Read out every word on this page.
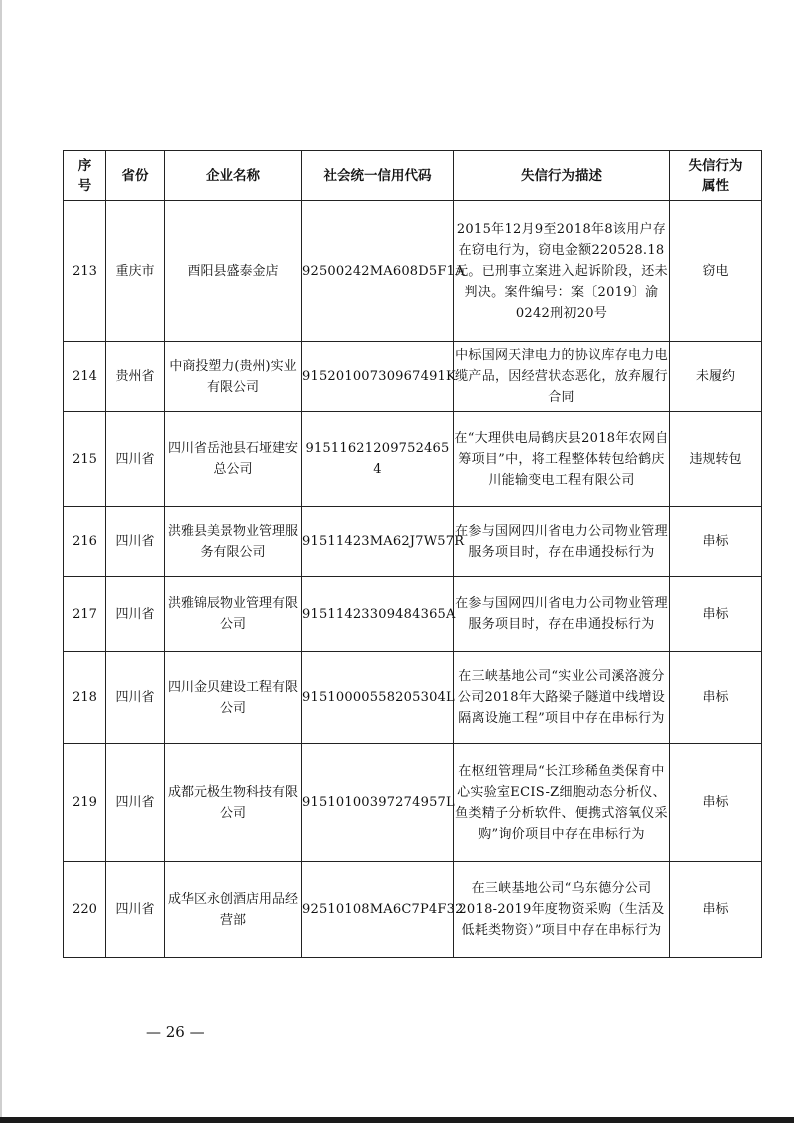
序号	省份	企业名称	社会统一信用代码	失信行为描述	失信行为属性
213	重庆市	酉阳县盛泰金店	92500242MA608D5F1A	2015年12月9至2018年8该用户存在窃电行为，窃电金额220528.18元。已刑事立案进入起诉阶段，还未判决。案件编号：案〔2019〕渝0242刑初20号	窃电
214	贵州省	中商投塑力(贵州)实业有限公司	91520100730967491K	中标国网天津电力的协议库存电力电缆产品，因经营状态恶化，放弃履行合同	未履约
215	四川省	四川省岳池县石垭建安总公司	91511621209752465 4	在“大理供电局鹤庆县2018年农网自筹项目”中，将工程整体转包给鹤庆川能输变电工程有限公司	违规转包
216	四川省	洪雅县美景物业管理服务有限公司	91511423MA62J7W57R	在参与国网四川省电力公司物业管理服务项目时，存在串通投标行为	串标
217	四川省	洪雅锦辰物业管理有限公司	91511423309484365A	在参与国网四川省电力公司物业管理服务项目时，存在串通投标行为	串标
218	四川省	四川金贝建设工程有限公司	91510000558205304L	在三峡基地公司“实业公司溪洛渡分公司2018年大路梁子隧道中线增设隔离设施工程”项目中存在串标行为	串标
219	四川省	成都元极生物科技有限公司	91510100397274957L	在枢纽管理局“长江珍稀鱼类保育中心实验室ECIS-Z细胞动态分析仪、鱼类精子分析软件、便携式溶氧仪采购”询价项目中存在串标行为	串标
220	四川省	成华区永创酒店用品经营部	92510108MA6C7P4F32	在三峡基地公司“乌东德分公司2018-2019年度物资采购（生活及低耗类物资）”项目中存在串标行为	串标
— 26 —
